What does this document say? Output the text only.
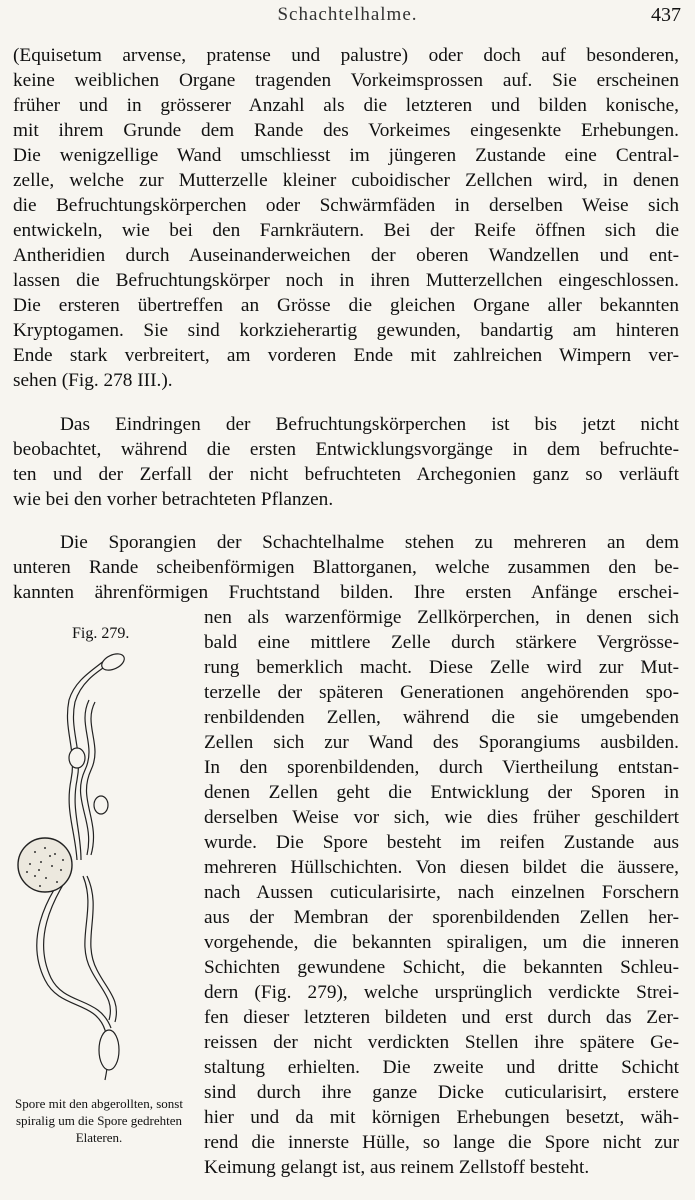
Schachtelhalme.	437
(Equisetum arvense, pratense und palustre) oder doch auf besonderen,
keine weiblichen Organe tragenden Vorkeimsprossen auf. Sie erscheinen
früher und in grösserer Anzahl als die letzteren und bilden konische,
mit ihrem Grunde dem Rande des Vorkeimes eingesenkte Erhebungen.
Die wenigzellige Wand umschliesst im jüngeren Zustande eine Central-
zelle, welche zur Mutterzelle kleiner cuboidischer Zellchen wird, in denen
die Befruchtungskörperchen oder Schwärmfäden in derselben Weise sich
entwickeln, wie bei den Farnkräutern. Bei der Reife öffnen sich die
Antheridien durch Auseinanderweichen der oberen Wandzellen und ent-
lassen die Befruchtungskörper noch in ihren Mutterzellchen eingeschlossen.
Die ersteren übertreffen an Grösse die gleichen Organe aller bekannten
Kryptogamen. Sie sind korkzieherartig gewunden, bandartig am hinteren
Ende stark verbreitert, am vorderen Ende mit zahlreichen Wimpern ver-
sehen (Fig. 278 III.).
Das Eindringen der Befruchtungskörperchen ist bis jetzt nicht
beobachtet, während die ersten Entwicklungsvorgänge in dem befruchte-
ten und der Zerfall der nicht befruchteten Archegonien ganz so verläuft
wie bei den vorher betrachteten Pflanzen.
Die Sporangien der Schachtelhalme stehen zu mehreren an dem
unteren Rande scheibenförmigen Blattorganen, welche zusammen den be-
kannten ährenförmigen Fruchtstand bilden. Ihre ersten Anfänge erschei-
nen als warzenförmige Zellkörperchen, in denen sich
bald eine mittlere Zelle durch stärkere Vergrösse-
rung bemerklich macht. Diese Zelle wird zur Mut-
terzelle der späteren Generationen angehörenden spo-
renbildenden Zellen, während die sie umgebenden
Zellen sich zur Wand des Sporangiums ausbilden.
In den sporenbildenden, durch Viertheilung entstan-
denen Zellen geht die Entwicklung der Sporen in
derselben Weise vor sich, wie dies früher geschildert
wurde. Die Spore besteht im reifen Zustande aus
mehreren Hüllschichten. Von diesen bildet die äussere,
nach Aussen cuticularisirte, nach einzelnen Forschern
aus der Membran der sporenbildenden Zellen her-
vorgehende, die bekannten spiraligen, um die inneren
Schichten gewundene Schicht, die bekannten Schleu-
dern (Fig. 279), welche ursprünglich verdickte Strei-
fen dieser letzteren bildeten und erst durch das Zer-
reissen der nicht verdickten Stellen ihre spätere Ge-
staltung erhielten. Die zweite und dritte Schicht
sind durch ihre ganze Dicke cuticularisirt, erstere
hier und da mit körnigen Erhebungen besetzt, wäh-
rend die innerste Hülle, so lange die Spore nicht zur
Keimung gelangt ist, aus reinem Zellstoff besteht.
Fig. 279.
Spore mit den abgerollten, sonst spiralig um die Spore gedrehten Elateren.
